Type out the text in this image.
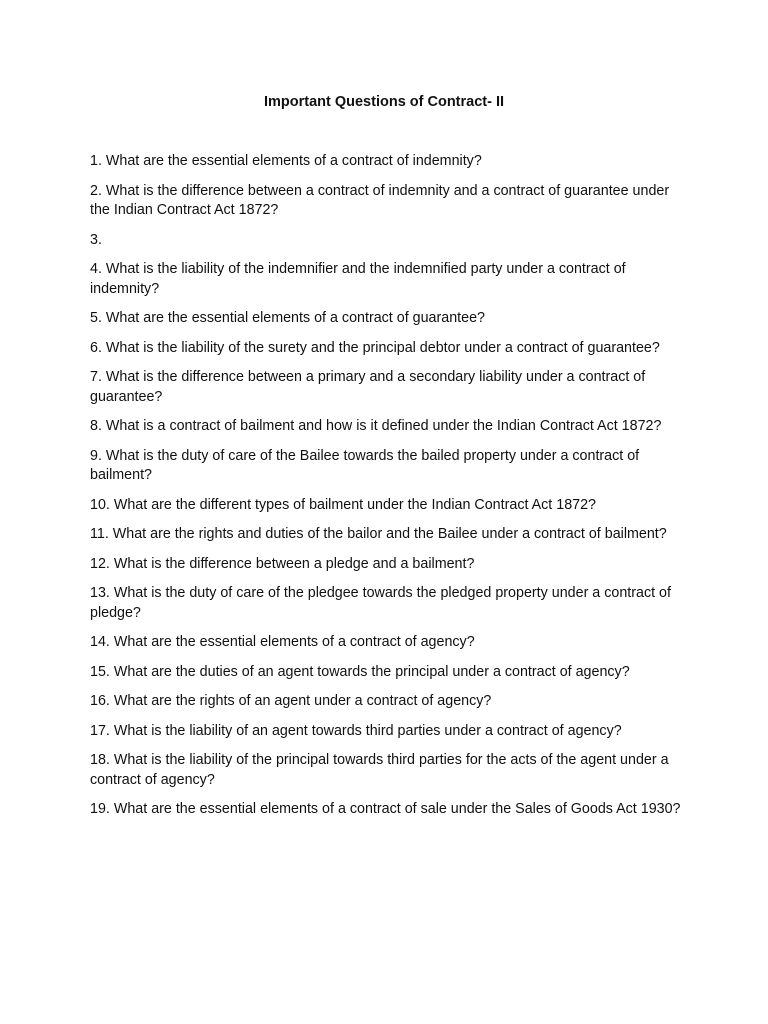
Important Questions of Contract- II
1. What are the essential elements of a contract of indemnity?
2. What is the difference between a contract of indemnity and a contract of guarantee under the Indian Contract Act 1872?
3.
4. What is the liability of the indemnifier and the indemnified party under a contract of indemnity?
5. What are the essential elements of a contract of guarantee?
6. What is the liability of the surety and the principal debtor under a contract of guarantee?
7. What is the difference between a primary and a secondary liability under a contract of guarantee?
8. What is a contract of bailment and how is it defined under the Indian Contract Act 1872?
9. What is the duty of care of the Bailee towards the bailed property under a contract of bailment?
10. What are the different types of bailment under the Indian Contract Act 1872?
11. What are the rights and duties of the bailor and the Bailee under a contract of bailment?
12. What is the difference between a pledge and a bailment?
13. What is the duty of care of the pledgee towards the pledged property under a contract of pledge?
14. What are the essential elements of a contract of agency?
15. What are the duties of an agent towards the principal under a contract of agency?
16. What are the rights of an agent under a contract of agency?
17. What is the liability of an agent towards third parties under a contract of agency?
18. What is the liability of the principal towards third parties for the acts of the agent under a contract of agency?
19. What are the essential elements of a contract of sale under the Sales of Goods Act 1930?
